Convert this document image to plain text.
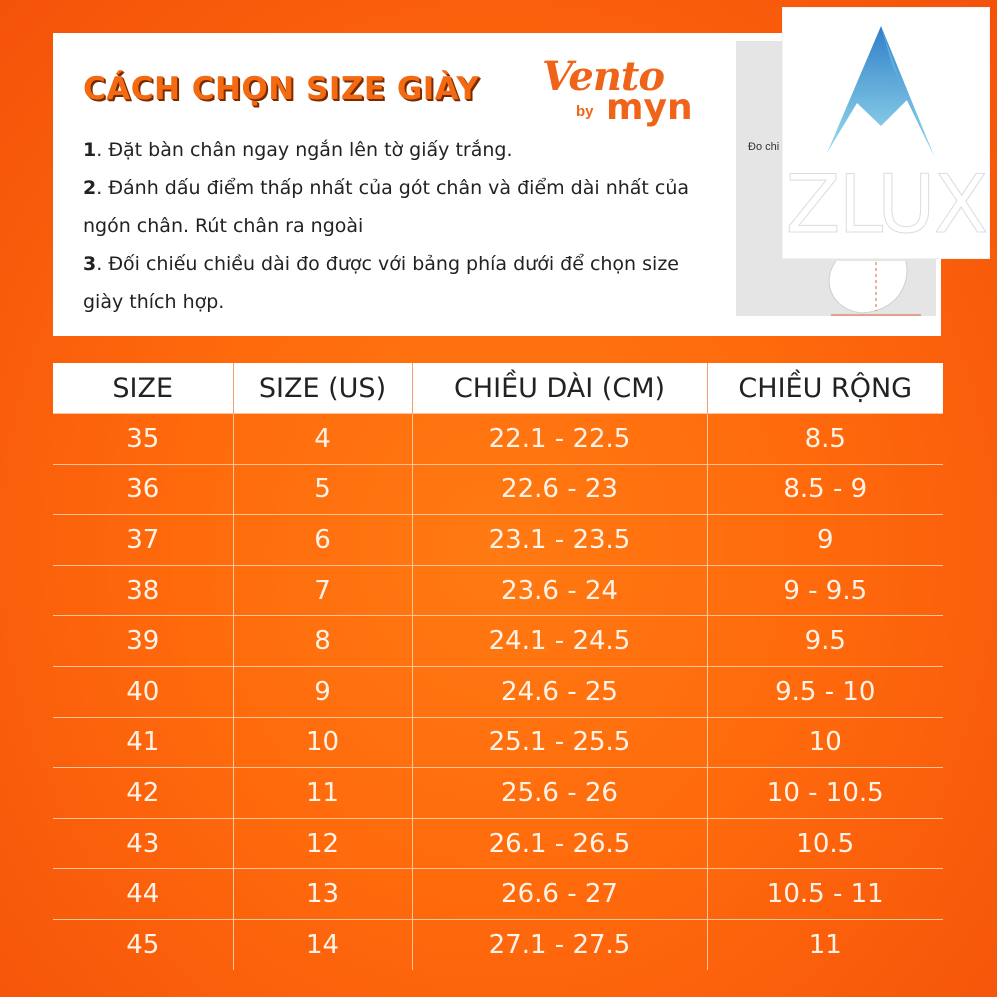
CÁCH CHỌN SIZE GIÀY Vento
by myn

1. Đặt bàn chân ngay ngắn lên tờ giấy trắng.

2. Đánh dấu điểm thấp nhất của gót chân và điểm dài nhất của ngón chân. Rút chân ra ngoài

3. Đối chiếu chiều dài đo được với bảng phía dưới để chọn size giày thích hợp.

Đo chi
ZLUX
SIZE	SIZE (US)	CHIỀU DÀI (CM)	CHIỀU RỘNG
35	4	22.1 - 22.5	8.5
36	5	22.6 - 23	8.5 - 9
37	6	23.1 - 23.5	9
38	7	23.6 - 24	9 - 9.5
39	8	24.1 - 24.5	9.5
40	9	24.6 - 25	9.5 - 10
41	10	25.1 - 25.5	10
42	11	25.6 - 26	10 - 10.5
43	12	26.1 - 26.5	10.5
44	13	26.6 - 27	10.5 - 11
45	14	27.1 - 27.5	11
